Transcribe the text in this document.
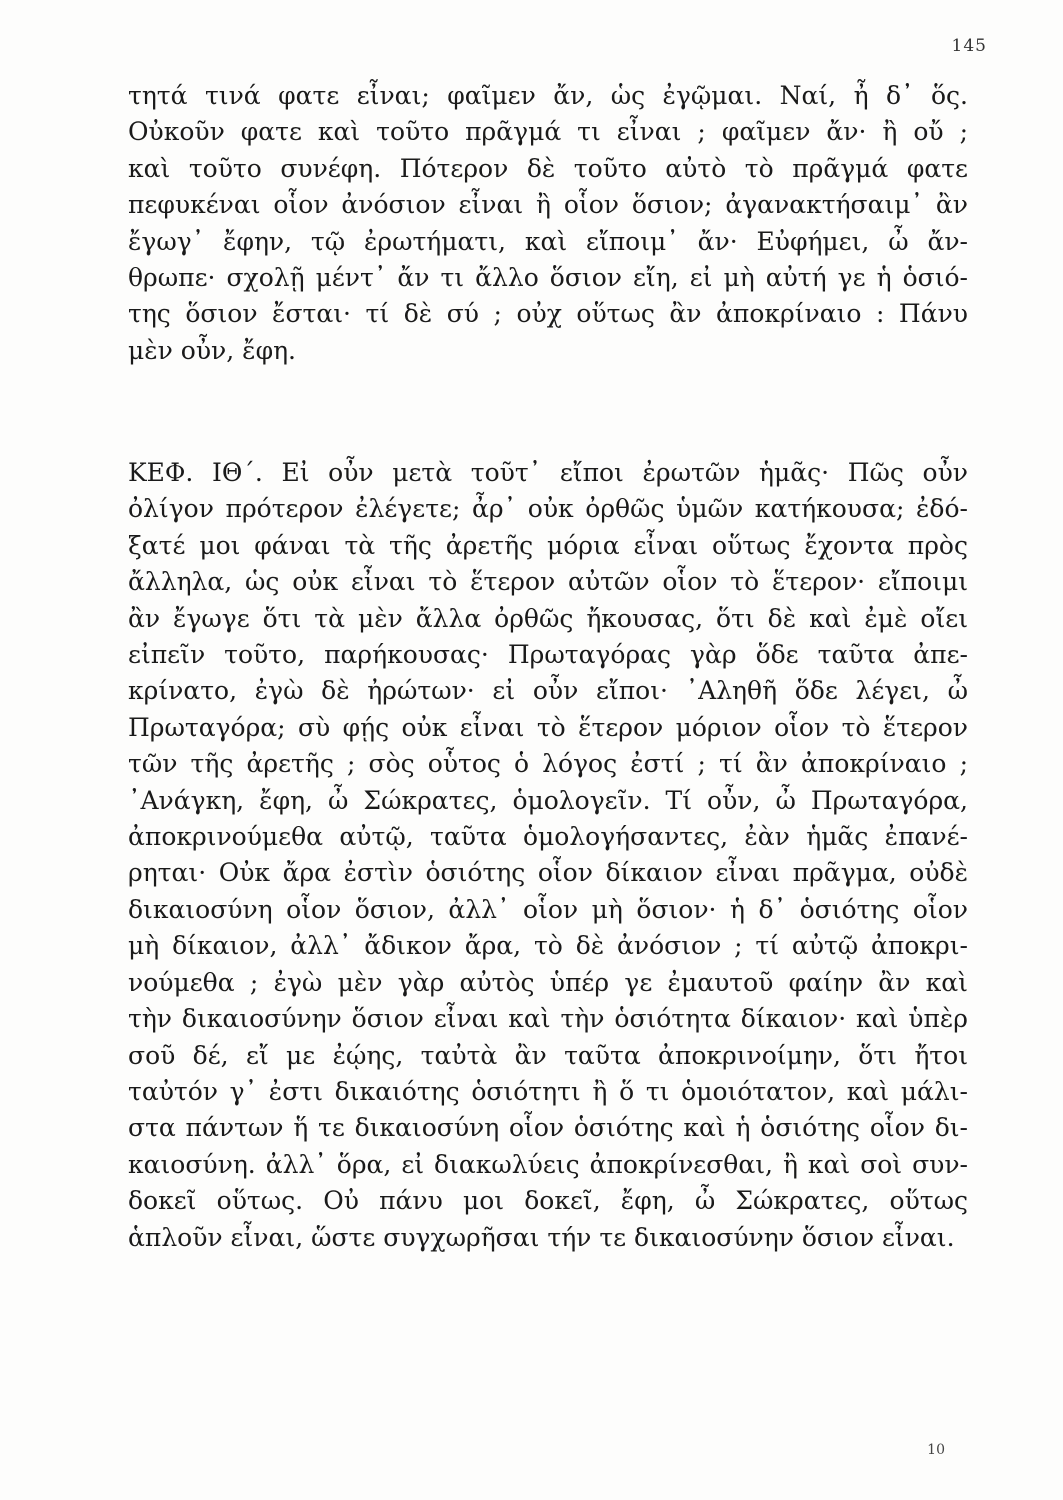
145
τητά τινά φατε εἶναι; φαῖμεν ἄν, ὡς ἐγῷμαι. Ναί, ἦ δ᾽ ὅς.
Οὐκοῦν φατε καὶ τοῦτο πρᾶγμά τι εἶναι ; φαῖμεν ἄν· ἢ οὔ ;
καὶ τοῦτο συνέφη. Πότερον δὲ τοῦτο αὐτὸ τὸ πρᾶγμά φατε
πεφυκέναι οἷον ἀνόσιον εἶναι ἢ οἷον ὅσιον; ἀγανακτήσαιμ᾽ ἂν
ἔγωγ᾽ ἔφην, τῷ ἐρωτήματι, καὶ εἴποιμ᾽ ἄν· Εὐφήμει, ὦ ἄν-
θρωπε· σχολῇ μέντ᾽ ἄν τι ἄλλο ὅσιον εἴη, εἰ μὴ αὐτή γε ἡ ὁσιό-
της ὅσιον ἔσται· τί δὲ σύ ; οὐχ οὕτως ἂν ἀποκρίναιο : Πάνυ
μὲν οὖν, ἔφη.
ΚΕΦ. ΙΘ΄. Εἰ οὖν μετὰ τοῦτ᾽ εἴποι ἐρωτῶν ἡμᾶς· Πῶς οὖν
ὀλίγον πρότερον ἐλέγετε; ἆρ᾽ οὐκ ὀρθῶς ὑμῶν κατήκουσα; ἐδό-
ξατέ μοι φάναι τὰ τῆς ἀρετῆς μόρια εἶναι οὕτως ἔχοντα πρὸς
ἄλληλα, ὡς οὐκ εἶναι τὸ ἕτερον αὐτῶν οἷον τὸ ἕτερον· εἴποιμι
ἂν ἔγωγε ὅτι τὰ μὲν ἄλλα ὀρθῶς ἤκουσας, ὅτι δὲ καὶ ἐμὲ οἴει
εἰπεῖν τοῦτο, παρήκουσας· Πρωταγόρας γὰρ ὅδε ταῦτα ἀπε-
κρίνατο, ἐγὼ δὲ ἠρώτων· εἰ οὖν εἴποι· ᾿Αληθῆ ὅδε λέγει, ὦ
Πρωταγόρα; σὺ φῄς οὐκ εἶναι τὸ ἕτερον μόριον οἷον τὸ ἕτερον
τῶν τῆς ἀρετῆς ; σὸς οὗτος ὁ λόγος ἐστί ; τί ἂν ἀποκρίναιο ;
᾿Ανάγκη, ἔφη, ὦ Σώκρατες, ὁμολογεῖν. Τί οὖν, ὦ Πρωταγόρα,
ἀποκρινούμεθα αὐτῷ, ταῦτα ὁμολογήσαντες, ἐὰν ἡμᾶς ἐπανέ-
ρηται· Οὐκ ἄρα ἐστὶν ὁσιότης οἷον δίκαιον εἶναι πρᾶγμα, οὐδὲ
δικαιοσύνη οἷον ὅσιον, ἀλλ᾽ οἷον μὴ ὅσιον· ἡ δ᾽ ὁσιότης οἷον
μὴ δίκαιον, ἀλλ᾽ ἄδικον ἄρα, τὸ δὲ ἀνόσιον ; τί αὐτῷ ἀποκρι-
νούμεθα ; ἐγὼ μὲν γὰρ αὐτὸς ὑπέρ γε ἐμαυτοῦ φαίην ἂν καὶ
τὴν δικαιοσύνην ὅσιον εἶναι καὶ τὴν ὁσιότητα δίκαιον· καὶ ὑπὲρ
σοῦ δέ, εἴ με ἐῴης, ταὐτὰ ἂν ταῦτα ἀποκρινοίμην, ὅτι ἤτοι
ταὐτόν γ᾽ ἐστι δικαιότης ὁσιότητι ἢ ὅ τι ὁμοιότατον, καὶ μάλι-
στα πάντων ἥ τε δικαιοσύνη οἷον ὁσιότης καὶ ἡ ὁσιότης οἷον δι-
καιοσύνη. ἀλλ᾽ ὅρα, εἰ διακωλύεις ἀποκρίνεσθαι, ἢ καὶ σοὶ συν-
δοκεῖ οὕτως. Οὐ πάνυ μοι δοκεῖ, ἔφη, ὦ Σώκρατες, οὕτως
ἁπλοῦν εἶναι, ὥστε συγχωρῆσαι τήν τε δικαιοσύνην ὅσιον εἶναι.
10
